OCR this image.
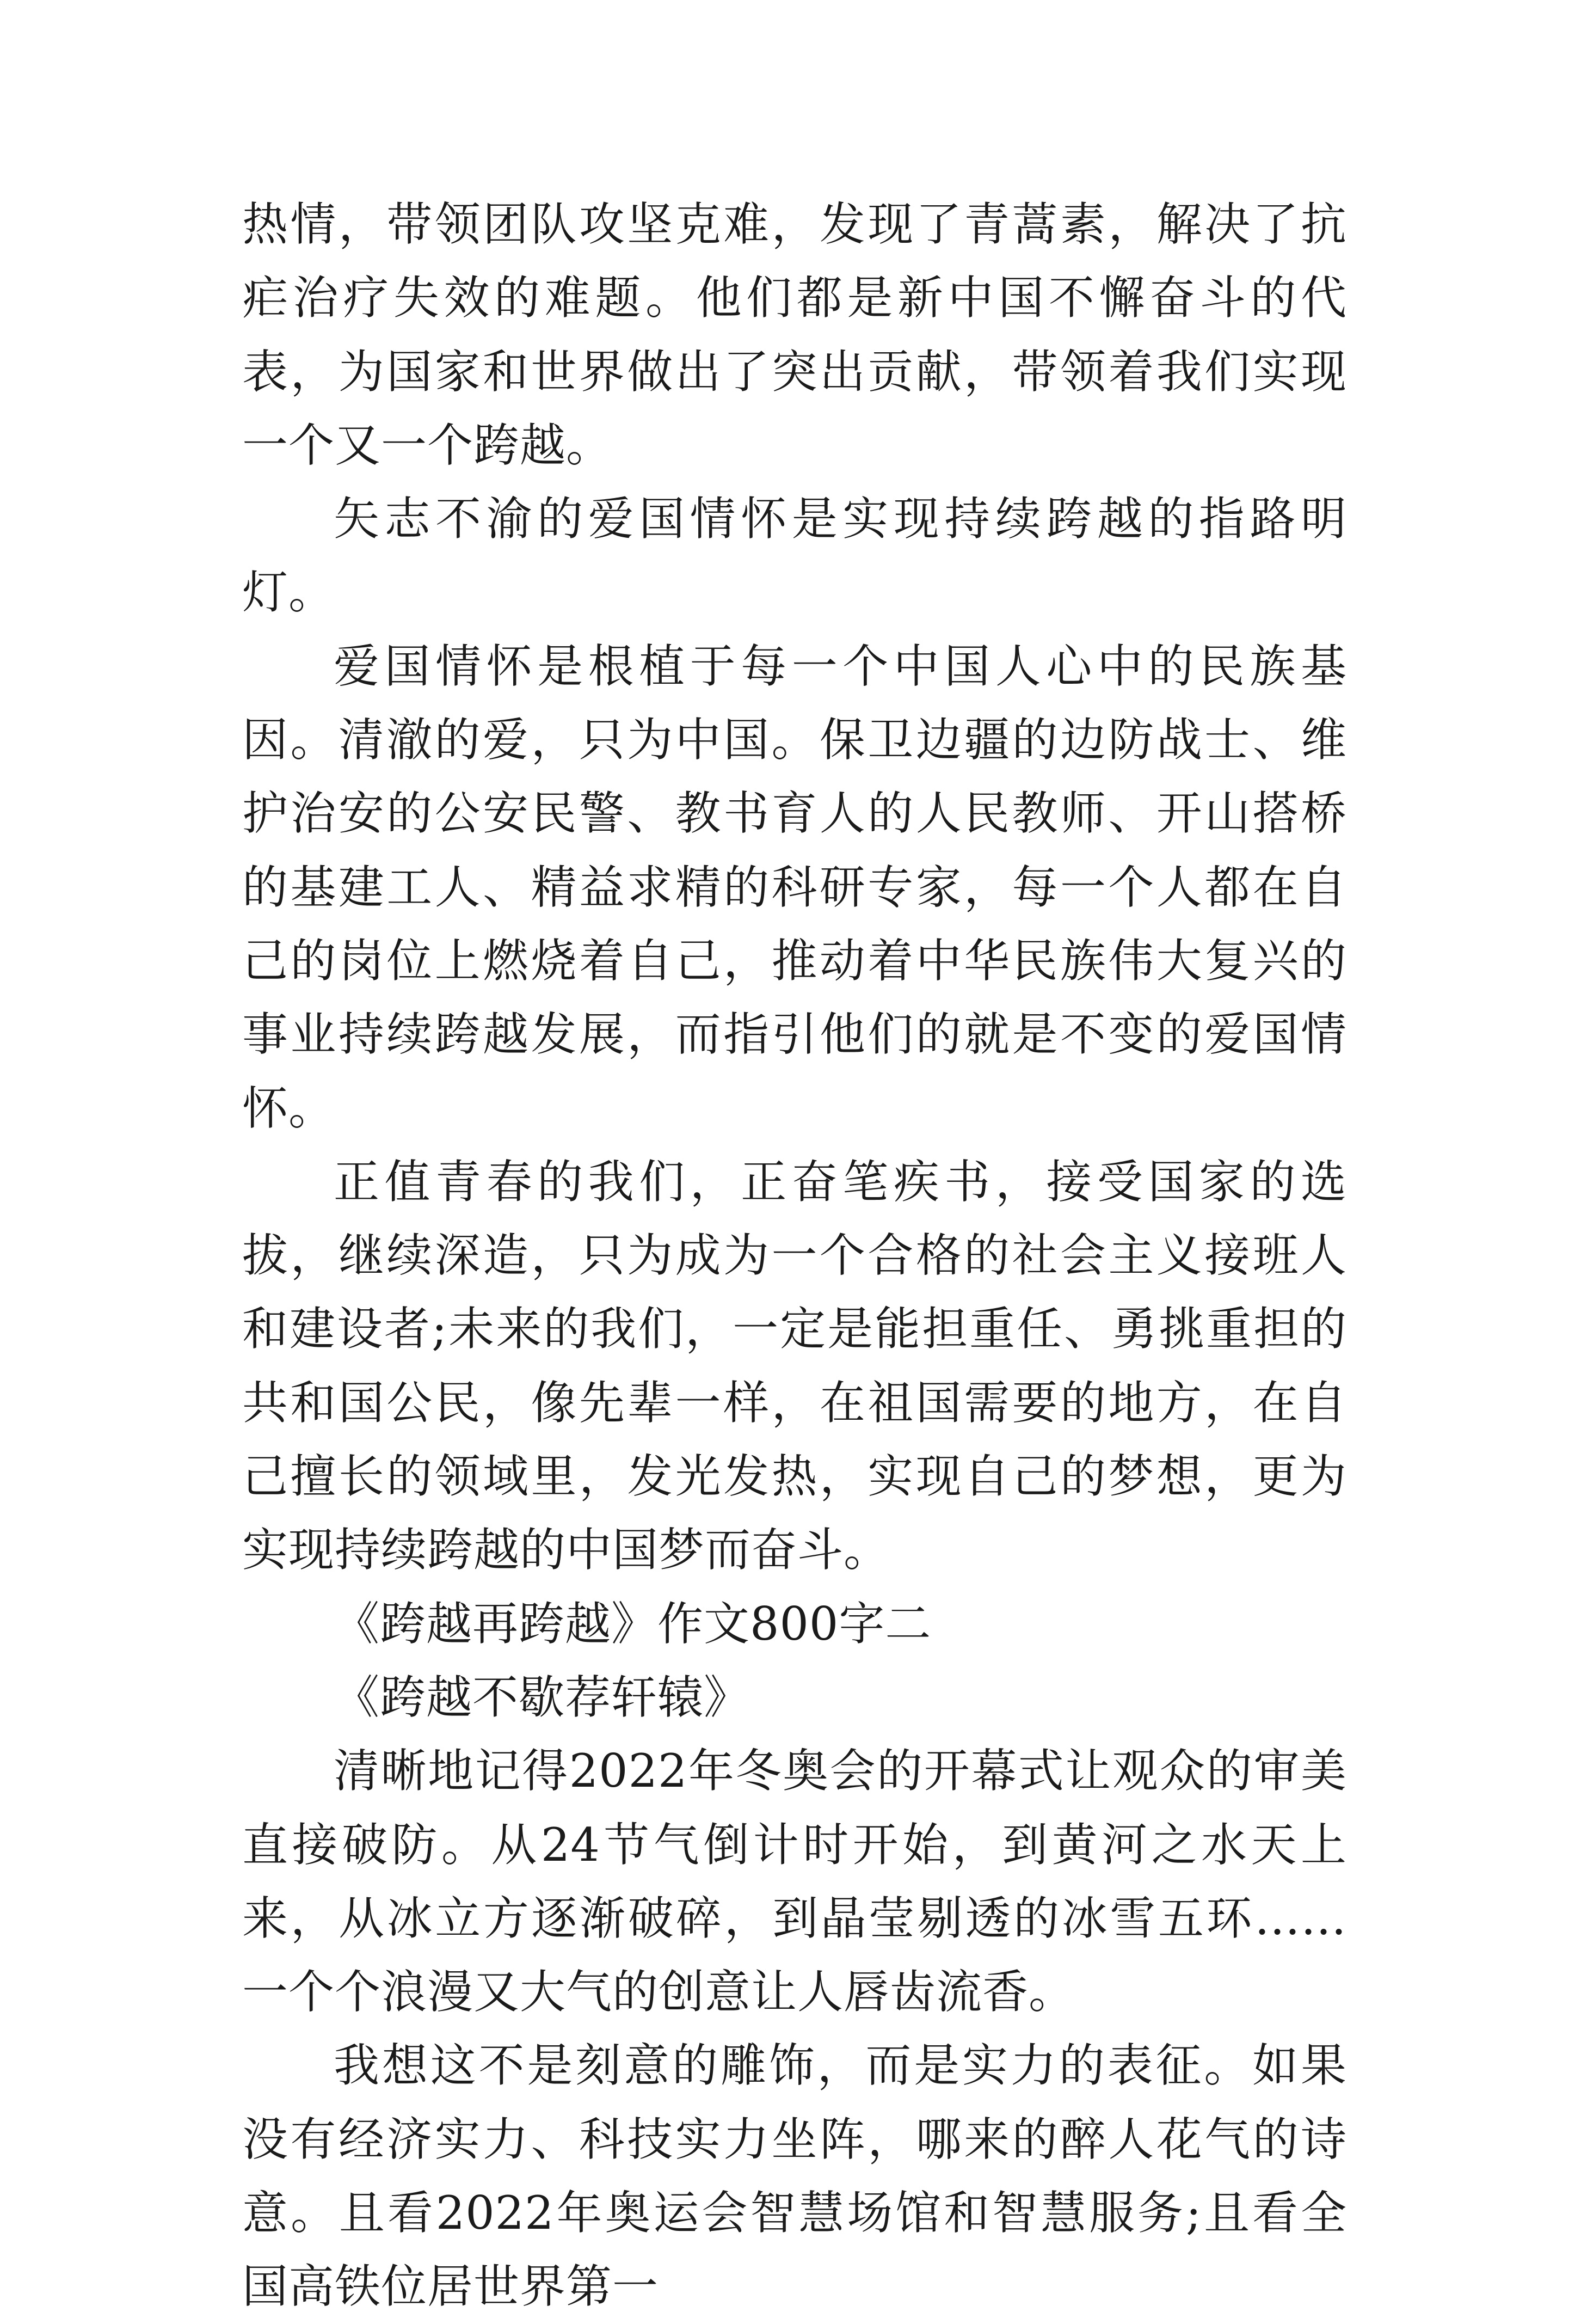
热情，带领团队攻坚克难，发现了青蒿素，解决了抗疟治疗失效的难题。他们都是新中国不懈奋斗的代表，为国家和世界做出了突出贡献，带领着我们实现一个又一个跨越。

矢志不渝的爱国情怀是实现持续跨越的指路明灯。

爱国情怀是根植于每一个中国人心中的民族基因。清澈的爱，只为中国。保卫边疆的边防战士、维护治安的公安民警、教书育人的人民教师、开山搭桥的基建工人、精益求精的科研专家，每一个人都在自己的岗位上燃烧着自己，推动着中华民族伟大复兴的事业持续跨越发展，而指引他们的就是不变的爱国情怀。

正值青春的我们，正奋笔疾书，接受国家的选拔，继续深造，只为成为一个合格的社会主义接班人和建设者;未来的我们，一定是能担重任、勇挑重担的共和国公民，像先辈一样，在祖国需要的地方，在自己擅长的领域里，发光发热，实现自己的梦想，更为实现持续跨越的中国梦而奋斗。

《跨越再跨越》作文800字二

《跨越不歇荐轩辕》

清晰地记得2022年冬奥会的开幕式让观众的审美直接破防。从24节气倒计时开始，到黄河之水天上来，从冰立方逐渐破碎，到晶莹剔透的冰雪五环……一个个浪漫又大气的创意让人唇齿流香。

我想这不是刻意的雕饰，而是实力的表征。如果没有经济实力、科技实力坐阵，哪来的醉人花气的诗意。且看2022年奥运会智慧场馆和智慧服务;且看全国高铁位居世界第一
